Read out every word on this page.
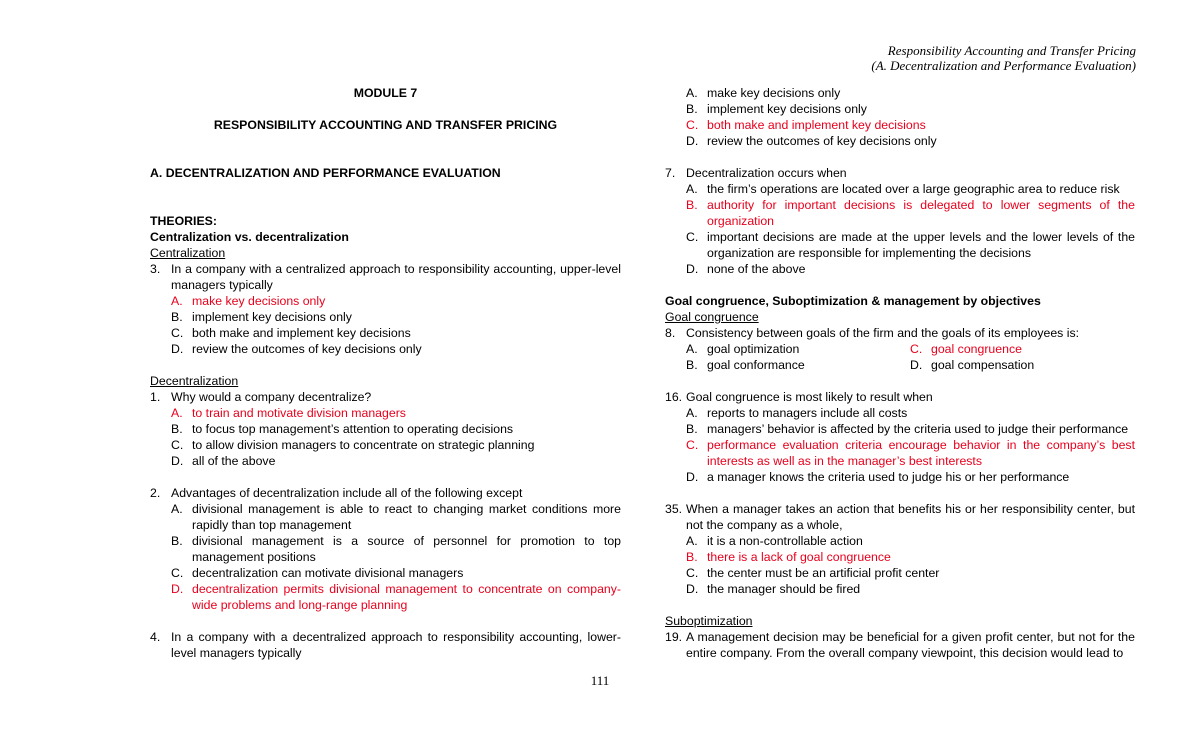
Responsibility Accounting and Transfer Pricing
(A. Decentralization and Performance Evaluation)
MODULE 7
RESPONSIBILITY ACCOUNTING AND TRANSFER PRICING
A. DECENTRALIZATION AND PERFORMANCE EVALUATION
THEORIES:
Centralization vs. decentralization
Centralization
3. In a company with a centralized approach to responsibility accounting, upper-level managers typically
A. make key decisions only
B. implement key decisions only
C. both make and implement key decisions
D. review the outcomes of key decisions only
Decentralization
1. Why would a company decentralize?
A. to train and motivate division managers
B. to focus top management’s attention to operating decisions
C. to allow division managers to concentrate on strategic planning
D. all of the above
2. Advantages of decentralization include all of the following except
A. divisional management is able to react to changing market conditions more rapidly than top management
B. divisional management is a source of personnel for promotion to top management positions
C. decentralization can motivate divisional managers
D. decentralization permits divisional management to concentrate on company-wide problems and long-range planning
4. In a company with a decentralized approach to responsibility accounting, lower-level managers typically
A. make key decisions only
B. implement key decisions only
C. both make and implement key decisions
D. review the outcomes of key decisions only
7. Decentralization occurs when
A. the firm’s operations are located over a large geographic area to reduce risk
B. authority for important decisions is delegated to lower segments of the organization
C. important decisions are made at the upper levels and the lower levels of the organization are responsible for implementing the decisions
D. none of the above
Goal congruence, Suboptimization & management by objectives
Goal congruence
8. Consistency between goals of the firm and the goals of its employees is:
A. goal optimization	C. goal congruence
B. goal conformance	D. goal compensation
16. Goal congruence is most likely to result when
A. reports to managers include all costs
B. managers’ behavior is affected by the criteria used to judge their performance
C. performance evaluation criteria encourage behavior in the company’s best interests as well as in the manager’s best interests
D. a manager knows the criteria used to judge his or her performance
35. When a manager takes an action that benefits his or her responsibility center, but not the company as a whole,
A. it is a non-controllable action
B. there is a lack of goal congruence
C. the center must be an artificial profit center
D. the manager should be fired
Suboptimization
19. A management decision may be beneficial for a given profit center, but not for the entire company. From the overall company viewpoint, this decision would lead to
111
